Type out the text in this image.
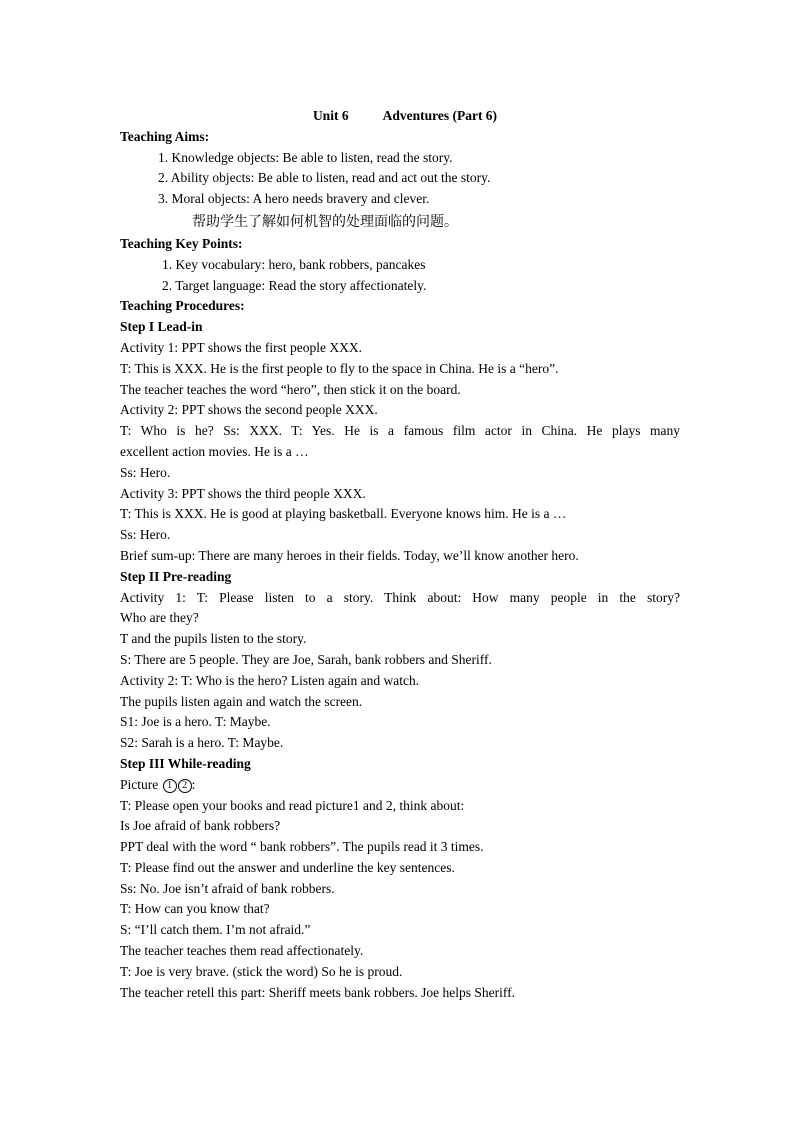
Unit 6	Adventures (Part 6)
Teaching Aims:
1. Knowledge objects: Be able to listen, read the story.
2. Ability objects: Be able to listen, read and act out the story.
3. Moral objects: A hero needs bravery and clever.
帮助学生了解如何机智的处理面临的问题。
Teaching Key Points:
1. Key vocabulary: hero, bank robbers, pancakes
2. Target language: Read the story affectionately.
Teaching Procedures:
Step I Lead-in
Activity 1: PPT shows the first people XXX.
T: This is XXX. He is the first people to fly to the space in China. He is a “hero”.
The teacher teaches the word “hero”, then stick it on the board.
Activity 2: PPT shows the second people XXX.
T: Who is he? Ss: XXX. T: Yes. He is a famous film actor in China. He plays many
excellent action movies. He is a …
Ss: Hero.
Activity 3: PPT shows the third people XXX.
T: This is XXX. He is good at playing basketball. Everyone knows him. He is a …
Ss: Hero.
Brief sum-up: There are many heroes in their fields. Today, we’ll know another hero.
Step II Pre-reading
Activity 1: T: Please listen to a story. Think about: How many people in the story?
Who are they?
T and the pupils listen to the story.
S: There are 5 people. They are Joe, Sarah, bank robbers and Sheriff.
Activity 2: T: Who is the hero? Listen again and watch.
The pupils listen again and watch the screen.
S1: Joe is a hero. T: Maybe.
S2: Sarah is a hero. T: Maybe.
Step III While-reading
Picture 1 2 :
T: Please open your books and read picture1 and 2, think about:
Is Joe afraid of bank robbers?
PPT deal with the word “ bank robbers”. The pupils read it 3 times.
T: Please find out the answer and underline the key sentences.
Ss: No. Joe isn’t afraid of bank robbers.
T: How can you know that?
S: “I’ll catch them. I’m not afraid.”
The teacher teaches them read affectionately.
T: Joe is very brave. (stick the word) So he is proud.
The teacher retell this part: Sheriff meets bank robbers. Joe helps Sheriff.
